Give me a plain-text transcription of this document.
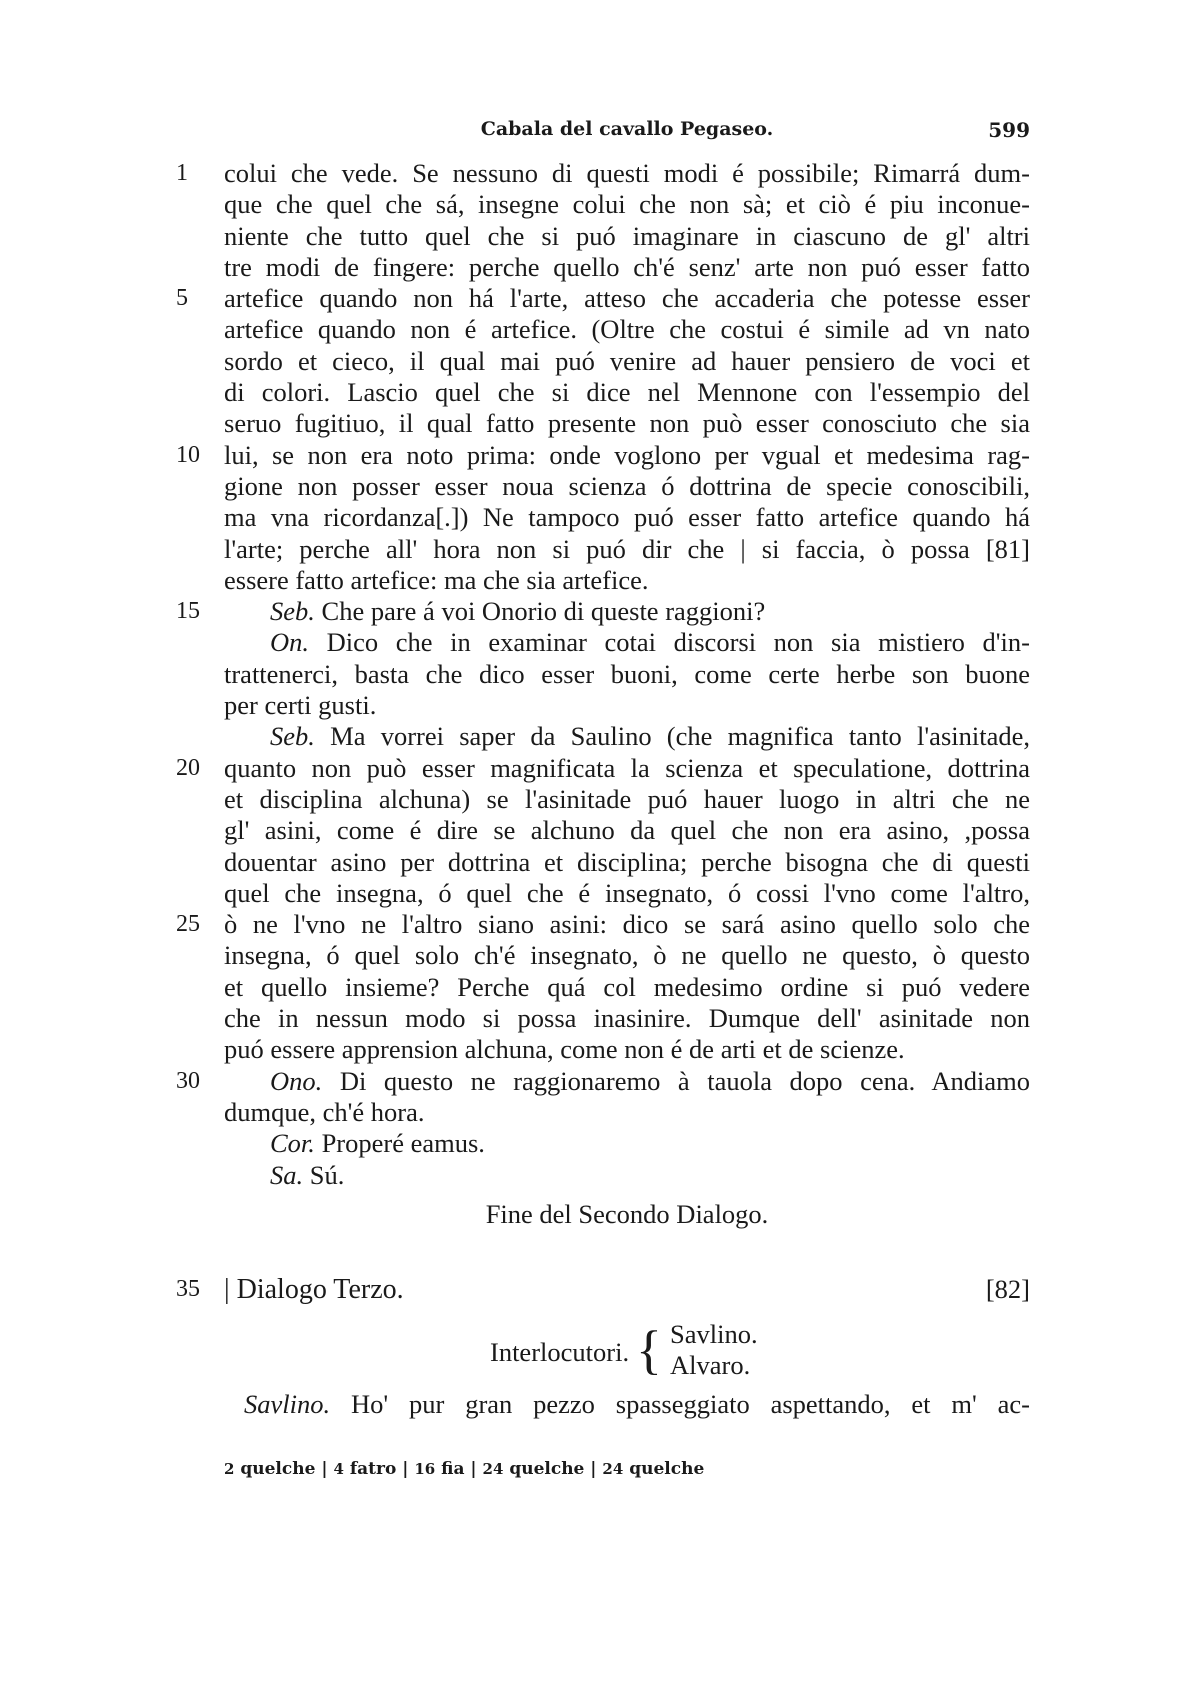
Cabala del cavallo Pegaseo.	599
1 colui che vede. Se nessuno di questi modi é possibile; Rimarrá dum-
que che quel che sá, insegne colui che non sà; et ciò é piu inconue-
niente che tutto quel che si puó imaginare in ciascuno de gl' altri
tre modi de fingere: perche quello ch'é senz' arte non puó esser fatto
5 artefice quando non há l'arte, atteso che accaderia che potesse esser
artefice quando non é artefice. (Oltre che costui é simile ad vn nato
sordo et cieco, il qual mai puó venire ad hauer pensiero de voci et
di colori. Lascio quel che si dice nel Mennone con l'essempio del
seruo fugitiuo, il qual fatto presente non può esser conosciuto che sia
10 lui, se non era noto prima: onde voglono per vgual et medesima rag-
gione non posser esser noua scienza ó dottrina de specie conoscibili,
ma vna ricordanza[.]) Ne tampoco puó esser fatto artefice quando há
l'arte; perche all' hora non si puó dir che | si faccia, ò possa [81]
essere fatto artefice: ma che sia artefice.
15	Seb. Che pare á voi Onorio di queste raggioni?
On. Dico che in examinar cotai discorsi non sia mistiero d'in-
trattenerci, basta che dico esser buoni, come certe herbe son buone
per certi gusti.
Seb. Ma vorrei saper da Saulino (che magnifica tanto l'asinitade,
20 quanto non può esser magnificata la scienza et speculatione, dottrina
et disciplina alchuna) se l'asinitade puó hauer luogo in altri che ne
gl' asini, come é dire se alchuno da quel che non era asino, ,possa
douentar asino per dottrina et disciplina; perche bisogna che di questi
quel che insegna, ó quel che é insegnato, ó cossi l'vno come l'altro,
25 ò ne l'vno ne l'altro siano asini: dico se sará asino quello solo che
insegna, ó quel solo ch'é insegnato, ò ne quello ne questo, ò questo
et quello insieme? Perche quá col medesimo ordine si puó vedere
che in nessun modo si possa inasinire. Dumque dell' asinitade non
puó essere apprension alchuna, come non é de arti et de scienze.
30	Ono. Di questo ne raggionaremo à tauola dopo cena. Andiamo
dumque, ch'é hora.
Cor. Properé eamus.
Sa. Sú.
Fine del Secondo Dialogo.
35 | Dialogo Terzo.	[82]
Interlocutori. { Savlino.
Alvaro.
Savlino. Ho' pur gran pezzo spasseggiato aspettando, et m' ac-
2 quelche | 4 fatro | 16 fia | 24 quelche | 24 quelche
